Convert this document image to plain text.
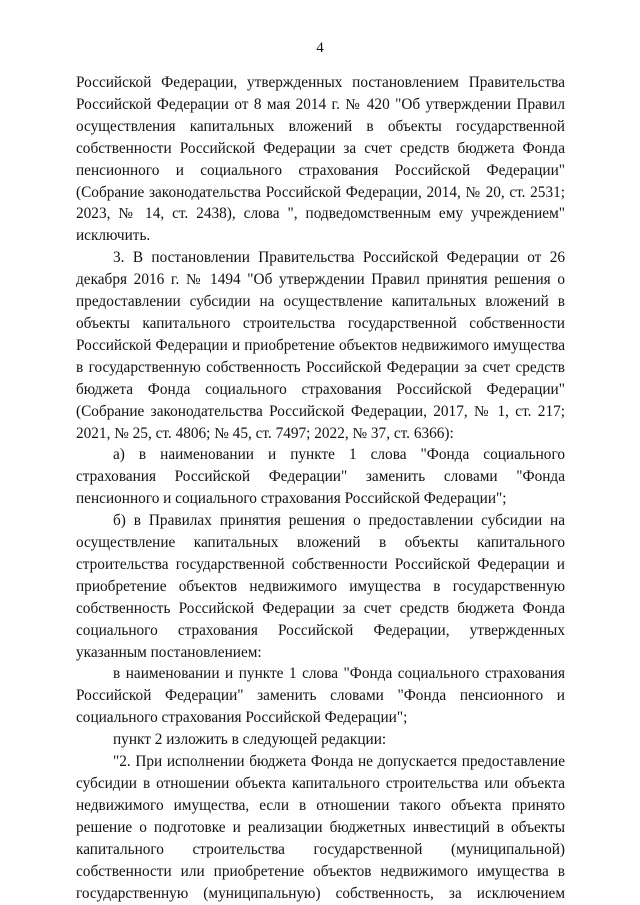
4

Российской Федерации, утвержденных постановлением Правительства Российской Федерации от 8 мая 2014 г. № 420 "Об утверждении Правил осуществления капитальных вложений в объекты государственной собственности Российской Федерации за счет средств бюджета Фонда пенсионного и социального страхования Российской Федерации" (Собрание законодательства Российской Федерации, 2014, № 20, ст. 2531; 2023, № 14, ст. 2438), слова ", подведомственным ему учреждением" исключить.

3. В постановлении Правительства Российской Федерации от 26 декабря 2016 г. № 1494 "Об утверждении Правил принятия решения о предоставлении субсидии на осуществление капитальных вложений в объекты капитального строительства государственной собственности Российской Федерации и приобретение объектов недвижимого имущества в государственную собственность Российской Федерации за счет средств бюджета Фонда социального страхования Российской Федерации" (Собрание законодательства Российской Федерации, 2017, № 1, ст. 217; 2021, № 25, ст. 4806; № 45, ст. 7497; 2022, № 37, ст. 6366):

а) в наименовании и пункте 1 слова "Фонда социального страхования Российской Федерации" заменить словами "Фонда пенсионного и социального страхования Российской Федерации";

б) в Правилах принятия решения о предоставлении субсидии на осуществление капитальных вложений в объекты капитального строительства государственной собственности Российской Федерации и приобретение объектов недвижимого имущества в государственную собственность Российской Федерации за счет средств бюджета Фонда социального страхования Российской Федерации, утвержденных указанным постановлением:

в наименовании и пункте 1 слова "Фонда социального страхования Российской Федерации" заменить словами "Фонда пенсионного и социального страхования Российской Федерации";

пункт 2 изложить в следующей редакции:

"2. При исполнении бюджета Фонда не допускается предоставление субсидии в отношении объекта капитального строительства или объекта недвижимого имущества, если в отношении такого объекта принято решение о подготовке и реализации бюджетных инвестиций в объекты капитального строительства государственной (муниципальной) собственности или приобретение объектов недвижимого имущества в государственную (муниципальную) собственность, за исключением
